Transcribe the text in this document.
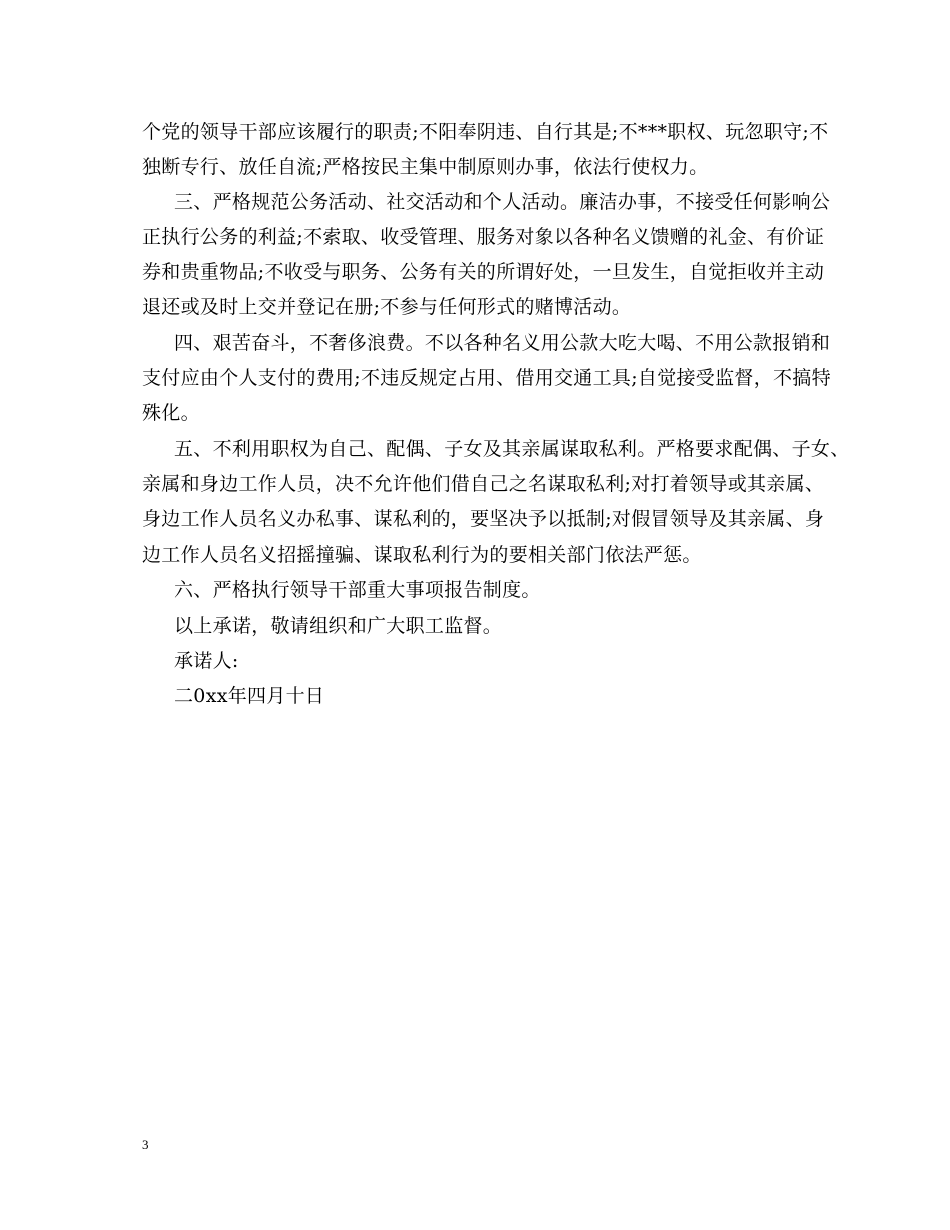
个党的领导干部应该履行的职责;不阳奉阴违、自行其是;不***职权、玩忽职守;不
独断专行、放任自流;严格按民主集中制原则办事，依法行使权力。
三、严格规范公务活动、社交活动和个人活动。廉洁办事，不接受任何影响公
正执行公务的利益;不索取、收受管理、服务对象以各种名义馈赠的礼金、有价证
券和贵重物品;不收受与职务、公务有关的所谓好处，一旦发生，自觉拒收并主动
退还或及时上交并登记在册;不参与任何形式的赌博活动。
四、艰苦奋斗，不奢侈浪费。不以各种名义用公款大吃大喝、不用公款报销和
支付应由个人支付的费用;不违反规定占用、借用交通工具;自觉接受监督，不搞特
殊化。
五、不利用职权为自己、配偶、子女及其亲属谋取私利。严格要求配偶、子女、
亲属和身边工作人员，决不允许他们借自己之名谋取私利;对打着领导或其亲属、
身边工作人员名义办私事、谋私利的，要坚决予以抵制;对假冒领导及其亲属、身
边工作人员名义招摇撞骗、谋取私利行为的要相关部门依法严惩。
六、严格执行领导干部重大事项报告制度。
以上承诺，敬请组织和广大职工监督。
承诺人:
二0xx年四月十日
3
